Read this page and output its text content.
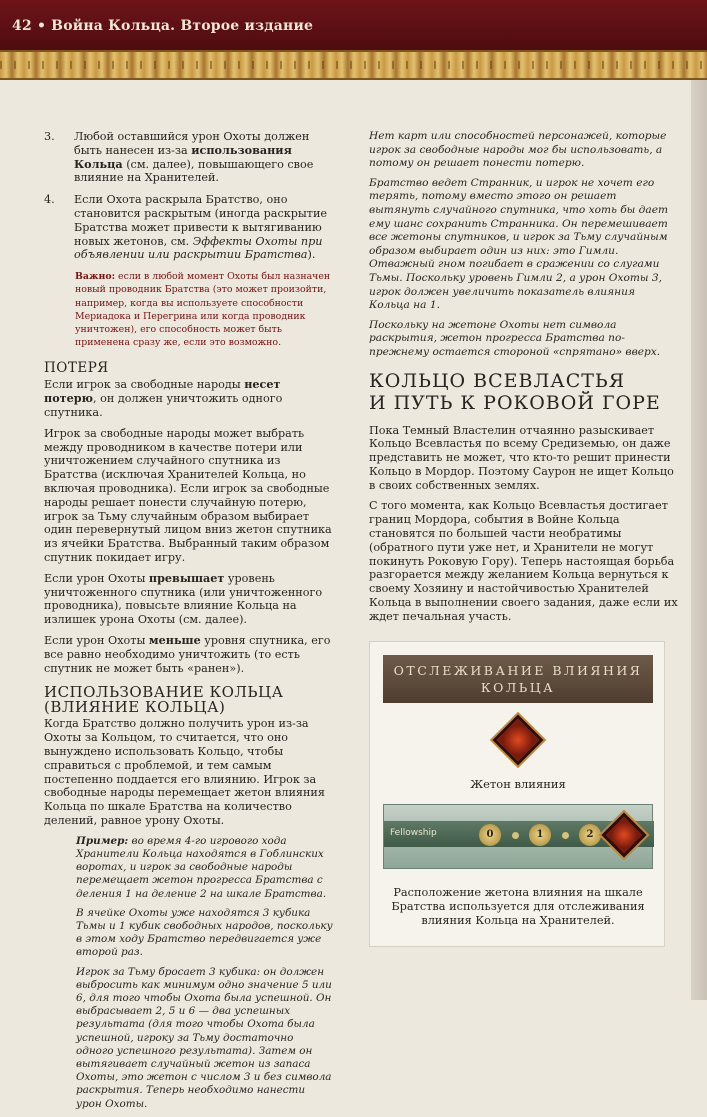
42 • Война Кольца. Второе издание
3.	Любой оставшийся урон Охоты должен быть нанесен из-за использования Кольца (см. далее), повышающего свое влияние на Хранителей.
4.	Если Охота раскрыла Братство, оно становится раскрытым (иногда раскрытие Братства может привести к вытягиванию новых жетонов, см. Эффекты Охоты при объявлении или раскрытии Братства).
Важно: если в любой момент Охоты был назначен новый проводник Братства (это может произойти, например, когда вы используете способности Мериадока и Перегрина или когда проводник уничтожен), его способность может быть применена сразу же, если это возможно.
ПОТЕРЯ

Если игрок за свободные народы несет потерю, он должен уничтожить одного спутника.

Игрок за свободные народы может выбрать между проводником в качестве потери или уничтожением случайного спутника из Братства (исключая Хранителей Кольца, но включая проводника). Если игрок за свободные народы решает понести случайную потерю, игрок за Тьму случайным образом выбирает один перевернутый лицом вниз жетон спутника из ячейки Братства. Выбранный таким образом спутник покидает игру.

Если урон Охоты превышает уровень уничтоженного спутника (или уничтоженного проводника), повысьте влияние Кольца на излишек урона Охоты (см. далее).

Если урон Охоты меньше уровня спутника, его все равно необходимо уничтожить (то есть спутник не может быть «ранен»).

ИСПОЛЬЗОВАНИЕ КОЛЬЦА
(ВЛИЯНИЕ КОЛЬЦА)

Когда Братство должно получить урон из-за Охоты за Кольцом, то считается, что оно вынуждено использовать Кольцо, чтобы справиться с проблемой, и тем самым постепенно поддается его влиянию. Игрок за свободные народы перемещает жетон влияния Кольца по шкале Братства на количество делений, равное урону Охоты.

Пример: во время 4-го игрового хода Хранители Кольца находятся в Гоблинских воротах, и игрок за свободные народы перемещает жетон прогресса Братства с деления 1 на деление 2 на шкале Братства.

В ячейке Охоты уже находятся 3 кубика Тьмы и 1 кубик свободных народов, поскольку в этом ходу Братство передвигается уже второй раз.

Игрок за Тьму бросает 3 кубика: он должен выбросить как минимум одно значение 5 или 6, для того чтобы Охота была успешной. Он выбрасывает 2, 5 и 6 — два успешных результата (для того чтобы Охота была успешной, игроку за Тьму достаточно одного успешного результата). Затем он вытягивает случайный жетон из запаса Охоты, это жетон с числом 3 и без символа раскрытия. Теперь необходимо нанести урон Охоты.

Нет карт или способностей персонажей, которые игрок за свободные народы мог бы использовать, а потому он решает понести потерю.

Братство ведет Странник, и игрок не хочет его терять, потому вместо этого он решает вытянуть случайного спутника, что хоть бы дает ему шанс сохранить Странника. Он перемешивает все жетоны спутников, и игрок за Тьму случайным образом выбирает один из них: это Гимли. Отважный гном погибает в сражении со слугами Тьмы. Поскольку уровень Гимли 2, а урон Охоты 3, игрок должен увеличить показатель влияния Кольца на 1.

Поскольку на жетоне Охоты нет символа раскрытия, жетон прогресса Братства по-прежнему остается стороной «спрятано» вверх.

КОЛЬЦО ВСЕВЛАСТЬЯ
И ПУТЬ К РОКОВОЙ ГОРЕ

Пока Темный Властелин отчаянно разыскивает Кольцо Всевластья по всему Средиземью, он даже представить не может, что кто-то решит принести Кольцо в Мордор. Поэтому Саурон не ищет Кольцо в своих собственных землях.

С того момента, как Кольцо Всевластья достигает границ Мордора, события в Войне Кольца становятся по большей части необратимы (обратного пути уже нет, и Хранители не могут покинуть Роковую Гору). Теперь настоящая борьба разгорается между желанием Кольца вернуться к своему Хозяину и настойчивостью Хранителей Кольца в выполнении своего задания, даже если их ждет печальная участь.

ОТСЛЕЖИВАНИЕ ВЛИЯНИЯ
КОЛЬЦА
Жетон влияния
Fellowship	0	1	2
Расположение жетона влияния на шкале Братства используется для отслеживания влияния Кольца на Хранителей.
